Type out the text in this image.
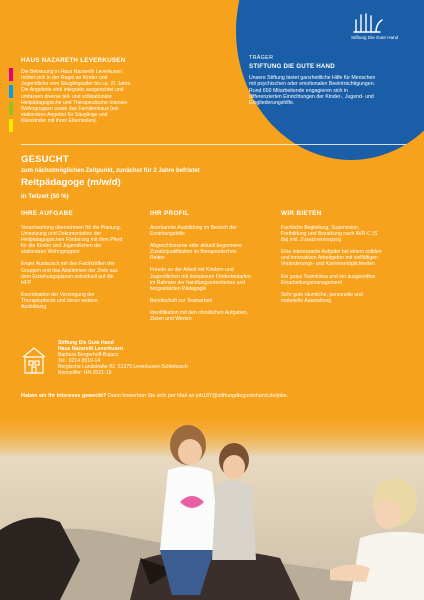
Stiftung Die Gute Hand
TRÄGER
STIFTUNG DIE GUTE HAND
Unsere Stiftung bietet ganzheitliche Hilfe für Menschen
mit psychischen oder emotionalen Beeinträchtigungen.
Rund 650 Mitarbeitende engagieren sich in
differenzierten Einrichtungen der Kinder-, Jugend- und
Eingliederungshilfe.
HAUS NAZARETH LEVERKUSEN
Die Betreuung in Haus Nazareth Leverkusen
richtet sich in der Regel an Kinder und
Jugendliche vom Säuglingsalter bis ca. 21 Jahre.
Die Angebote sind integrativ ausgerichtet und
umfassen diverse teil- und vollstationäre
Heilpädagogische und Therapeutische Intensiv-
Wohngruppen sowie das Familienhaus (ein
stationäres Angebot für Säuglinge und
Kleinkinder mit ihren Elternteilen).
GESUCHT
zum nächstmöglichen Zeitpunkt, zunächst für 2 Jahre befristet
Reitpädagoge (m/w/d)
in Teilzeit (50 %)
IHRE AUFGABE

Verantwortung übernehmen für die Planung,
Umsetzung und Dokumentation der
Heilpädagogischen Förderung mit dem Pferd
für die Kinder und Jugendlichen der
stationären Wohngruppen

Enger Austausch mit den Fachkräften der
Gruppen und das Abstimmen der Ziele aus
dem Erziehungsplanen individuell auf die
HFP

Koordination der Versorgung der
Therapiepferde und deren weitere
Ausbildung

IHR PROFIL

Anerkannte Ausbildung im Bereich der
Erziehungshilfe

Abgeschlossene oder aktuell begonnene
Zusatzqualifikation im therapeutischen
Reiten

Freude an der Arbeit mit Kindern und
Jugendlichen mit komplexen Förderbedarfen
im Rahmen der handlungsorientierten und
tiergestützten Pädagogik

Bereitschaft zur Teamarbeit

Identifikation mit den christlichen Aufgaben,
Zielen und Werten

WIR BIETEN

Fachliche Begleitung, Supervision,
Fortbildung und Bezahlung nach AVR-C (S
8a) inkl. Zusatzversorgung

Eine interessante Aufgabe bei einem soliden
und innovativen Arbeitgeber mit vielfältigen
Veränderungs- und Karrieremöglichkeiten

Ein gutes Teamklima und ein ausgereiftes
Einarbeitungsmanagement

Sehr gute räumliche, personelle und
materielle Ausstattung

Stiftung Die Gute Hand
Haus Nazareth Leverkusen
Barbara Bergerhoff-Bujacz
Tel.: 0214 8510-14
Bergische Landstraße 82, 51375 Leverkusen-Schlebusch
Kennziffer: HN-2021-15
Haben wir Ihr Interesse geweckt? Dann bewerben Sie sich per Mail an job187@stiftungdieguntehand.de/jobs.
